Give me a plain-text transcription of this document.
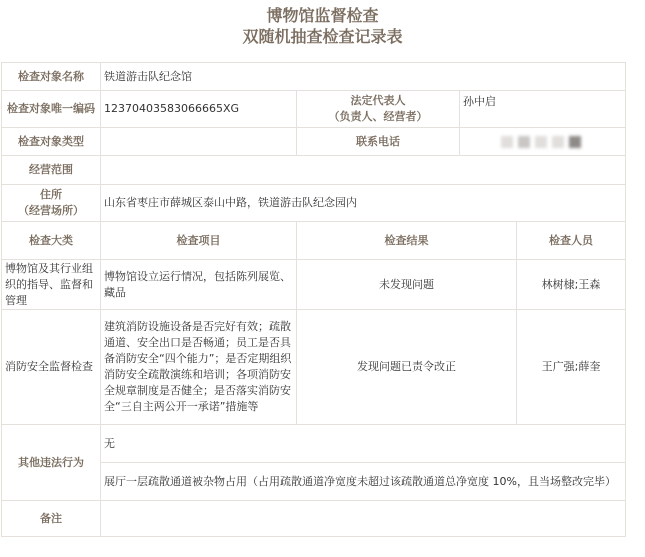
博物馆监督检查
双随机抽查检查记录表
检查对象名称	铁道游击队纪念馆			
检查对象唯一编码	12370403583066665XG	法定代表人
（负责人、经营者）	孙中启	
检查对象类型		联系电话		
经营范围				
住所
（经营场所）	山东省枣庄市薛城区泰山中路，铁道游击队纪念园内			
检查大类	检查项目	检查结果		检查人员
博物馆及其行业组织的指导、监督和管理	博物馆设立运行情况，包括陈列展览、藏品	未发现问题		林树棣;王森
消防安全监督检查	建筑消防设施设备是否完好有效；疏散通道、安全出口是否畅通；员工是否具备消防安全“四个能力”；是否定期组织消防安全疏散演练和培训；各项消防安全规章制度是否健全；是否落实消防安全“三自主两公开一承诺”措施等	发现问题已责令改正		王广强;薛奎
其他违法行为	无			
	展厅一层疏散通道被杂物占用（占用疏散通道净宽度未超过该疏散通道总净宽度 10%，且当场整改完毕）			
备注				
